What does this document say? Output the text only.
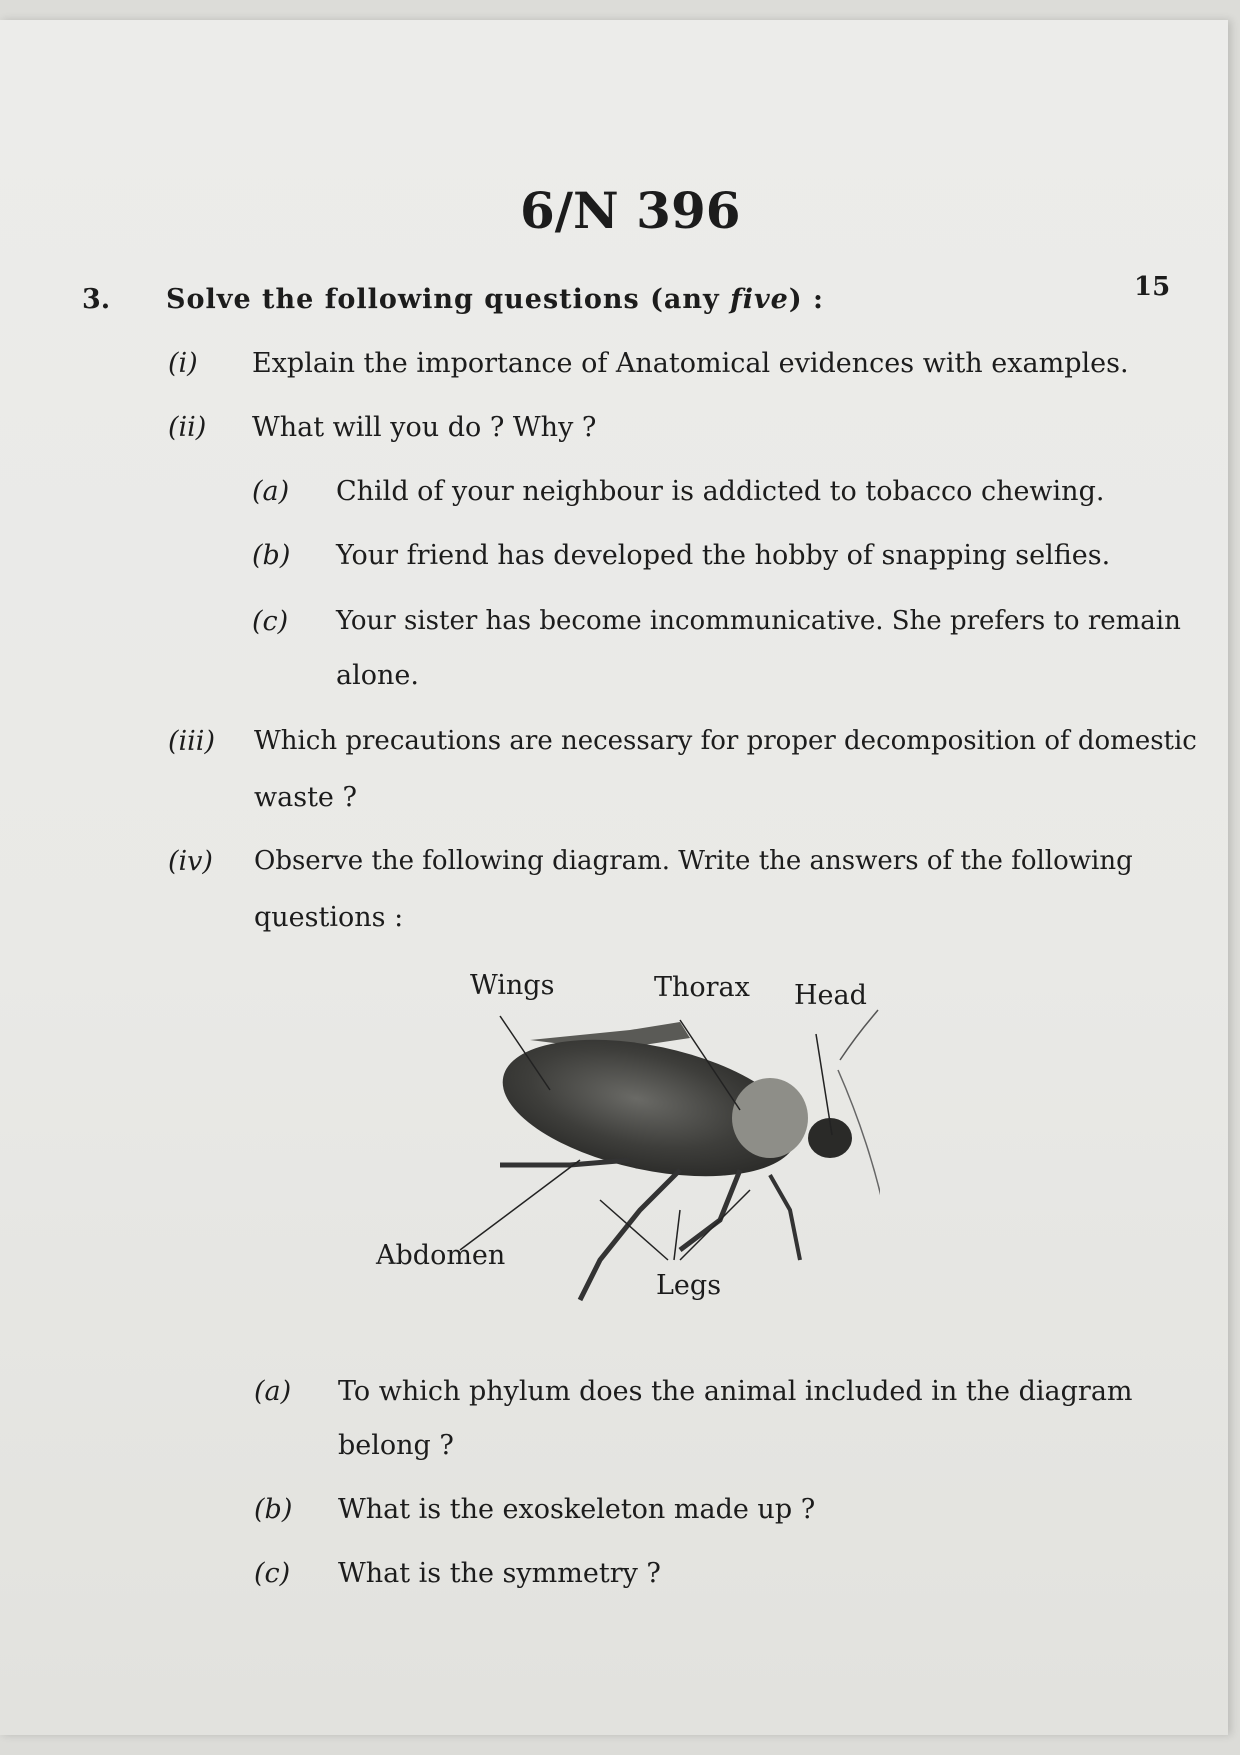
6/N 396
15
3. Solve the following questions (any five) :
(i) Explain the importance of Anatomical evidences with examples.
(ii) What will you do ? Why ?
(a) Child of your neighbour is addicted to tobacco chewing.
(b) Your friend has developed the hobby of snapping selfies.
(c) Your sister has become incommunicative. She prefers to remain
alone.
(iii) Which precautions are necessary for proper decomposition of domestic
waste ?
(iv) Observe the following diagram. Write the answers of the following
questions :
Wings	Thorax Head
Abdomen
Legs
(a) To which phylum does the animal included in the diagram
belong ?
(b) What is the exoskeleton made up ?
(c) What is the symmetry ?
